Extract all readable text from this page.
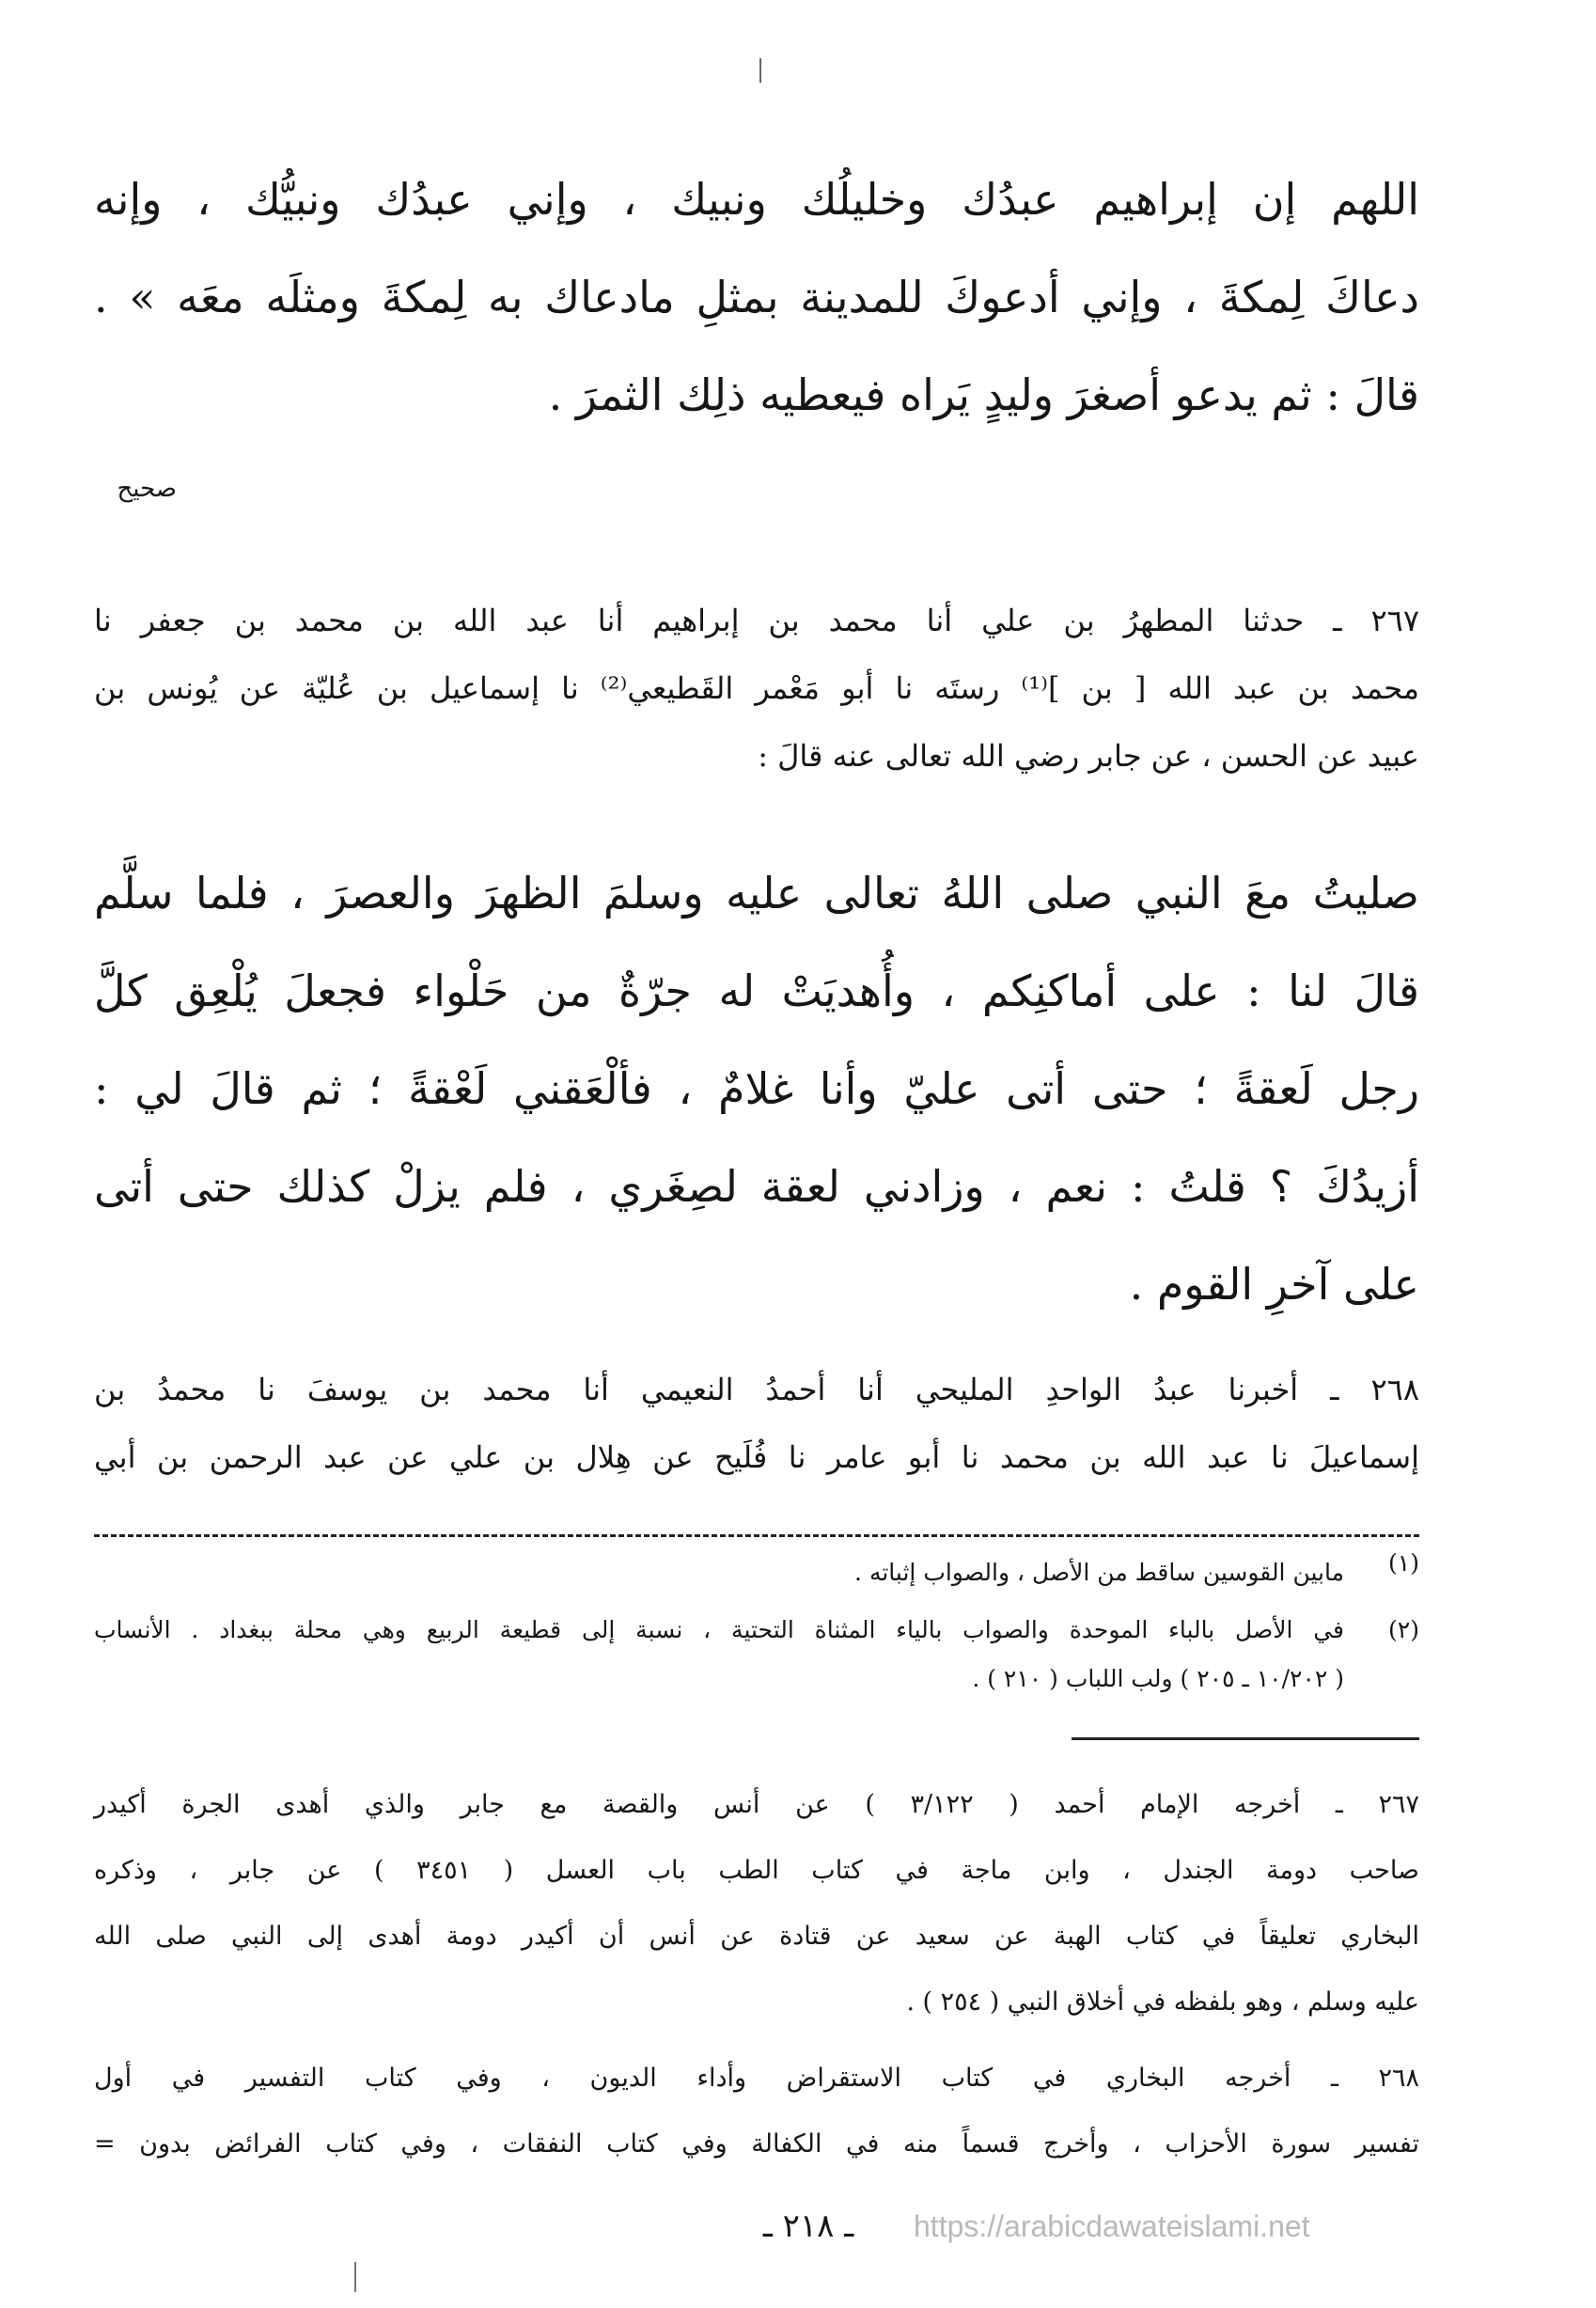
اللهم إن إبراهيم عبدُك وخليلُك ونبيك ، وإني عبدُك ونبيُّك ، وإنه
دعاكَ لِمكةَ ، وإني أدعوكَ للمدينة بمثلِ مادعاك به لِمكةَ ومثلَه معَه » .
قالَ : ثم يدعو أصغرَ وليدٍ يَراه فيعطيه ذلِك الثمرَ .
صحيح
٢٦٧ ـ حدثنا المطهرُ بن علي أنا محمد بن إبراهيم أنا عبد الله بن محمد بن جعفر نا
محمد بن عبد الله [ بن ]⁽¹⁾ رستَه نا أبو مَعْمر القَطيعي⁽²⁾ نا إسماعيل بن عُليّة عن يُونس بن
عبيد عن الحسن ، عن جابر رضي الله تعالى عنه قالَ :
صليتُ معَ النبي صلى اللهُ تعالى عليه وسلمَ الظهرَ والعصرَ ، فلما سلَّم
قالَ لنا : على أماكنِكم ، وأُهديَتْ له جرّةٌ من حَلْواء فجعلَ يُلْعِق كلَّ
رجل لَعقةً ؛ حتى أتى عليّ وأنا غلامٌ ، فألْعَقني لَعْقةً ؛ ثم قالَ لي :
أزيدُكَ ؟ قلتُ : نعم ، وزادني لعقة لصِغَري ، فلم يزلْ كذلك حتى أتى
على آخرِ القوم .
٢٦٨ ـ أخبرنا عبدُ الواحدِ المليحي أنا أحمدُ النعيمي أنا محمد بن يوسفَ نا محمدُ بن
إسماعيلَ نا عبد الله بن محمد نا أبو عامر نا فُلَيح عن هِلال بن علي عن عبد الرحمن بن أبي
(١)
مابين القوسين ساقط من الأصل ، والصواب إثباته .
(٢)
في الأصل بالباء الموحدة والصواب بالياء المثناة التحتية ، نسبة إلى قطيعة الربيع وهي محلة ببغداد . الأنساب
( ١٠/٢٠٢ ـ ٢٠٥ ) ولب اللباب ( ٢١٠ ) .
٢٦٧ ـ أخرجه الإمام أحمد ( ٣/١٢٢ ) عن أنس والقصة مع جابر والذي أهدى الجرة أكيدر
صاحب دومة الجندل ، وابن ماجة في كتاب الطب باب العسل ( ٣٤٥١ ) عن جابر ، وذكره
البخاري تعليقاً في كتاب الهبة عن سعيد عن قتادة عن أنس أن أكيدر دومة أهدى إلى النبي صلى الله
عليه وسلم ، وهو بلفظه في أخلاق النبي ( ٢٥٤ ) .
٢٦٨ ـ أخرجه البخاري في كتاب الاستقراض وأداء الديون ، وفي كتاب التفسير في أول
تفسير سورة الأحزاب ، وأخرج قسماً منه في الكفالة وفي كتاب النفقات ، وفي كتاب الفرائض بدون =
ـ ٢١٨ ـ	https://arabicdawateislami.net
